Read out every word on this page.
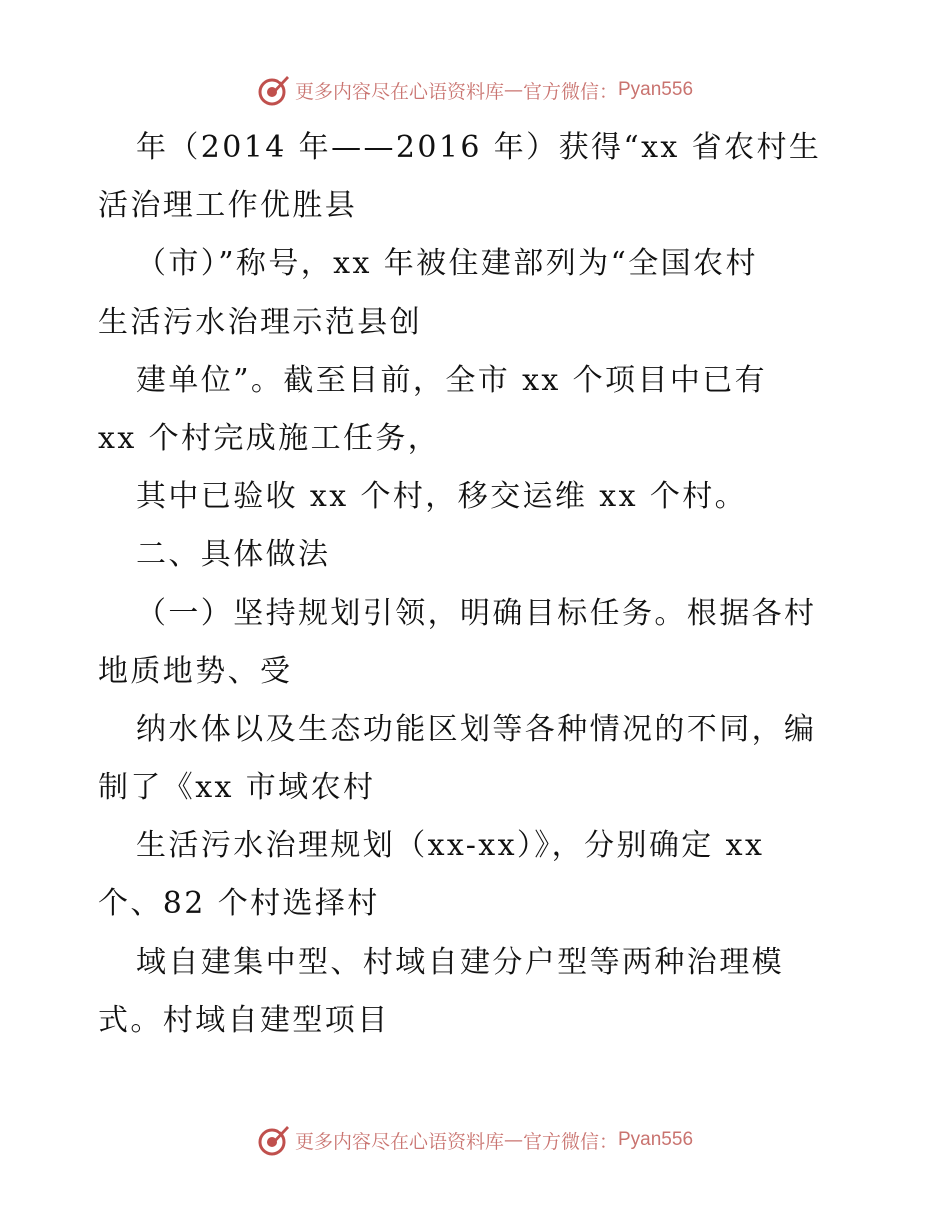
更多内容尽在心语资料库 — 官方微信： Pyan556
年（2014 年——2016 年）获得“xx 省农村生
活治理工作优胜县
（市）”称号，xx 年被住建部列为“全国农村
生活污水治理示范县创
建单位”。截至目前，全市 xx 个项目中已有
xx 个村完成施工任务，
其中已验收 xx 个村，移交运维 xx 个村。
二、具体做法
（一）坚持规划引领，明确目标任务。根据各村
地质地势、受
纳水体以及生态功能区划等各种情况的不同，编
制了《xx 市域农村
生活污水治理规划（xx-xx）》，分别确定 xx
个、82 个村选择村
域自建集中型、村域自建分户型等两种治理模
式。村域自建型项目
更多内容尽在心语资料库 — 官方微信： Pyan556
